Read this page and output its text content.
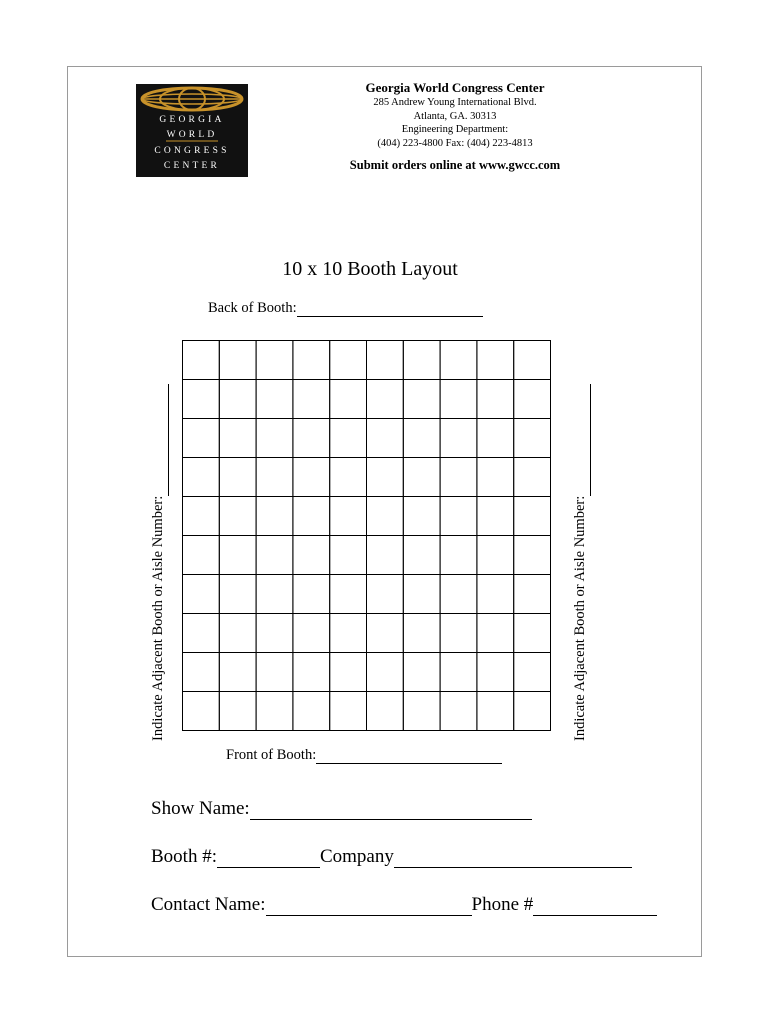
GEORGIA
WORLD
CONGRESS
CENTER
Georgia World Congress Center
285 Andrew Young International Blvd.
Atlanta, GA. 30313
Engineering Department:
(404) 223-4800 Fax: (404) 223-4813
Submit orders online at www.gwcc.com
10 x 10 Booth Layout
Back of Booth:
Indicate Adjacent Booth or Aisle Number:	Indicate Adjacent Booth or Aisle Number:
Front of Booth:
Show Name:
Booth #:	Company
Contact Name:	Phone #
